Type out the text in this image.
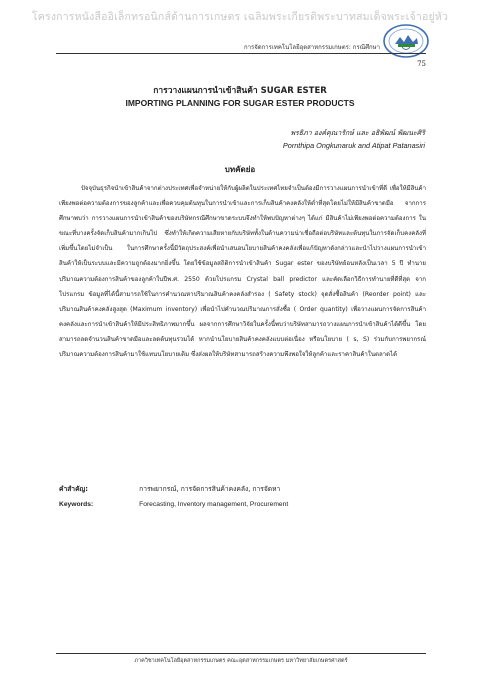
โครงการหนังสืออิเล็กทรอนิกส์ด้านการเกษตร เฉลิมพระเกียรติพระบาทสมเด็จพระเจ้าอยู่หัว
การจัดการเทคโนโลยีอุตสาหกรรมเกษตร: กรณีศึกษา
75
การวางแผนการนำเข้าสินค้า SUGAR ESTER
IMPORTING PLANNING FOR SUGAR ESTER PRODUCTS
พรธิภา องค์คุณารักษ์ และ อธิพัฒน์ พัฒนะศิริ
Pornthipa Ongkunaruk and Atipat Patanasiri
บทคัดย่อ
ปัจจุบันธุรกิจนำเข้าสินค้าจากต่างประเทศเพื่อจำหน่ายให้กับผู้ผลิตในประเทศไทยจำเป็นต้องมีการวางแผนการนำเข้าที่ดี เพื่อให้มีสินค้าเพียงพอต่อความต้องการของลูกค้าและเพื่อควบคุมต้นทุนในการนำเข้าและการเก็บสินค้าคงคลังให้ต่ำที่สุดโดยไม่ให้มีสินค้าขาดมือ จากการศึกษาพบว่า การวางแผนการนำเข้าสินค้าของบริษัทกรณีศึกษาขาดระบบจึงทำให้พบปัญหาต่างๆ ได้แก่ มีสินค้าไม่เพียงพอต่อความต้องการ ในขณะที่บางครั้งจัดเก็บสินค้ามากเกินไป ซึ่งทำให้เกิดความเสียหายกับบริษัททั้งในด้านความน่าเชื่อถือต่อบริษัทและต้นทุนในการจัดเก็บคงคลังที่เพิ่มขึ้นโดยไม่จำเป็น ในการศึกษาครั้งนี้มีวัตถุประสงค์เพื่อนำเสนอนโยบายสินค้าคงคลังเพื่อแก้ปัญหาดังกล่าวและนำไปวางแผนการนำเข้าสินค้าให้เป็นระบบและมีความถูกต้องมากยิ่งขึ้น โดยใช้ข้อมูลสถิติการนำเข้าสินค้า Sugar ester ของบริษัทย้อนหลังเป็นเวลา 5 ปี ทำนายปริมาณความต้องการสินค้าของลูกค้าในปีพ.ศ. 2550 ด้วยโปรแกรม Crystal ball predictor และคัดเลือกวิธีการทำนายที่ดีที่สุด จากโปรแกรม ข้อมูลที่ได้นี้สามารถใช้ในการคำนวณหาปริมาณสินค้าคงคลังสำรอง ( Safety stock) จุดสั่งซื้อสินค้า (Reorder point) และปริมาณสินค้าคงคลังสูงสุด (Maximum inventory) เพื่อนำไปคำนวณปริมาณการสั่งซื้อ ( Order quantity) เพื่อวางแผนการจัดการสินค้าคงคลังและการนำเข้าสินค้าให้มีประสิทธิภาพมากขึ้น ผลจากการศึกษาวิจัยในครั้งนี้พบว่าบริษัทสามารถวางแผนการนำเข้าสินค้าได้ดีขึ้น โดยสามารถลดจำนวนสินค้าขาดมือและลดต้นทุนรวมได้ หากนำนโยบายสินค้าคงคลังแบบต่อเนื่อง หรือนโยบาย ( s, S) ร่วมกับการพยากรณ์ปริมาณความต้องการสินค้ามาใช้แทนนโยบายเดิม ซึ่งส่งผลให้บริษัทสามารถสร้างความพึงพอใจให้ลูกค้าและราคาสินค้าในตลาดได้
คำสำคัญ:	การพยากรณ์, การจัดการสินค้าคงคลัง, การจัดหา
Keywords:	Forecasting, Inventory management, Procurement
ภาควิชาเทคโนโลยีอุตสาหกรรมเกษตร คณะอุตสาหกรรมเกษตร มหาวิทยาลัยเกษตรศาสตร์
